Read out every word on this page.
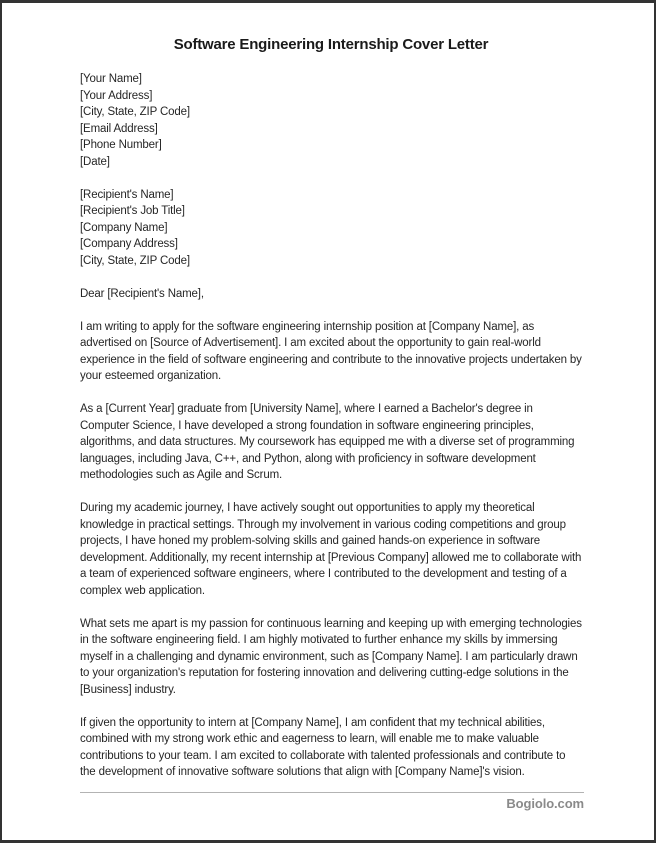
Software Engineering Internship Cover Letter
[Your Name]
[Your Address]
[City, State, ZIP Code]
[Email Address]
[Phone Number]
[Date]
[Recipient's Name]
[Recipient's Job Title]
[Company Name]
[Company Address]
[City, State, ZIP Code]

Dear [Recipient's Name],

I am writing to apply for the software engineering internship position at [Company Name], as advertised on [Source of Advertisement]. I am excited about the opportunity to gain real-world experience in the field of software engineering and contribute to the innovative projects undertaken by your esteemed organization.

As a [Current Year] graduate from [University Name], where I earned a Bachelor's degree in Computer Science, I have developed a strong foundation in software engineering principles, algorithms, and data structures. My coursework has equipped me with a diverse set of programming languages, including Java, C++, and Python, along with proficiency in software development methodologies such as Agile and Scrum.

During my academic journey, I have actively sought out opportunities to apply my theoretical knowledge in practical settings. Through my involvement in various coding competitions and group projects, I have honed my problem-solving skills and gained hands-on experience in software development. Additionally, my recent internship at [Previous Company] allowed me to collaborate with a team of experienced software engineers, where I contributed to the development and testing of a complex web application.

What sets me apart is my passion for continuous learning and keeping up with emerging technologies in the software engineering field. I am highly motivated to further enhance my skills by immersing myself in a challenging and dynamic environment, such as [Company Name]. I am particularly drawn to your organization's reputation for fostering innovation and delivering cutting-edge solutions in the [Business] industry.

If given the opportunity to intern at [Company Name], I am confident that my technical abilities, combined with my strong work ethic and eagerness to learn, will enable me to make valuable contributions to your team. I am excited to collaborate with talented professionals and contribute to the development of innovative software solutions that align with [Company Name]'s vision.

Bogiolo.com
